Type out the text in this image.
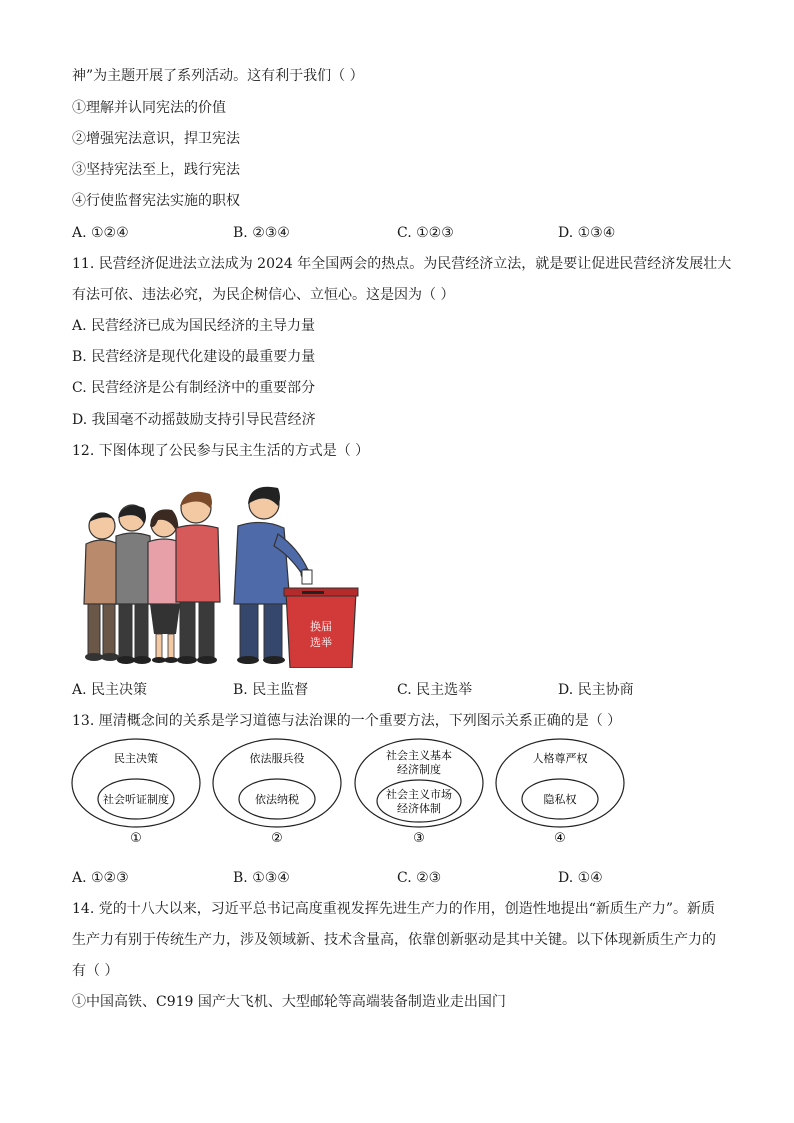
神”为主题开展了系列活动。这有利于我们（ ）
①理解并认同宪法的价值
②增强宪法意识，捍卫宪法
③坚持宪法至上，践行宪法
④行使监督宪法实施的职权
A. ①②④	B. ②③④	C. ①②③	D. ①③④
11. 民营经济促进法立法成为 2024 年全国两会的热点。为民营经济立法，就是要让促进民营经济发展壮大
有法可依、违法必究，为民企树信心、立恒心。这是因为（ ）
A. 民营经济已成为国民经济的主导力量
B. 民营经济是现代化建设的最重要力量
C. 民营经济是公有制经济中的重要部分
D. 我国毫不动摇鼓励支持引导民营经济
12. 下图体现了公民参与民主生活的方式是（ ）
换届
选举
A. 民主决策	B. 民主监督	C. 民主选举	D. 民主协商
13. 厘清概念间的关系是学习道德与法治课的一个重要方法，下列图示关系正确的是（ ）
民主决策
社会听证制度
①
依法服兵役
依法纳税
②
社会主义基本
经济制度
社会主义市场
经济体制
③
人格尊严权
隐私权
④
A. ①②③	B. ①③④	C. ②③	D. ①④
14. 党的十八大以来，习近平总书记高度重视发挥先进生产力的作用，创造性地提出“新质生产力”。新质
生产力有别于传统生产力，涉及领域新、技术含量高，依靠创新驱动是其中关键。以下体现新质生产力的
有（ ）
①中国高铁、C919 国产大飞机、大型邮轮等高端装备制造业走出国门
